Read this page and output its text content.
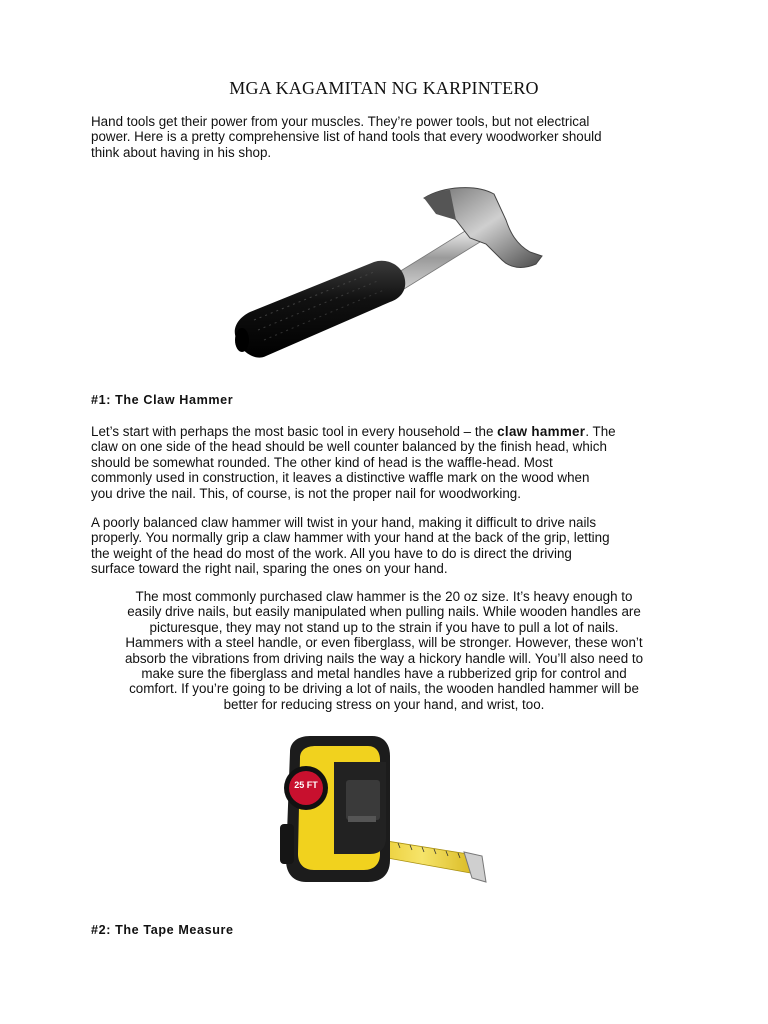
MGA KAGAMITAN NG KARPINTERO

Hand tools get their power from your muscles. They’re power tools, but not electrical
power. Here is a pretty comprehensive list of hand tools that every woodworker should
think about having in his shop.

#1: The Claw Hammer

Let’s start with perhaps the most basic tool in every household – the claw hammer. The
claw on one side of the head should be well counter balanced by the finish head, which
should be somewhat rounded. The other kind of head is the waffle-head. Most
commonly used in construction, it leaves a distinctive waffle mark on the wood when
you drive the nail. This, of course, is not the proper nail for woodworking.

A poorly balanced claw hammer will twist in your hand, making it difficult to drive nails
properly. You normally grip a claw hammer with your hand at the back of the grip, letting
the weight of the head do most of the work. All you have to do is direct the driving
surface toward the right nail, sparing the ones on your hand.

The most commonly purchased claw hammer is the 20 oz size. It’s heavy enough to
easily drive nails, but easily manipulated when pulling nails. While wooden handles are
picturesque, they may not stand up to the strain if you have to pull a lot of nails.
Hammers with a steel handle, or even fiberglass, will be stronger. However, these won’t
absorb the vibrations from driving nails the way a hickory handle will. You’ll also need to
make sure the fiberglass and metal handles have a rubberized grip for control and
comfort. If you’re going to be driving a lot of nails, the wooden handled hammer will be
better for reducing stress on your hand, and wrist, too.

25 FT
#2: The Tape Measure
